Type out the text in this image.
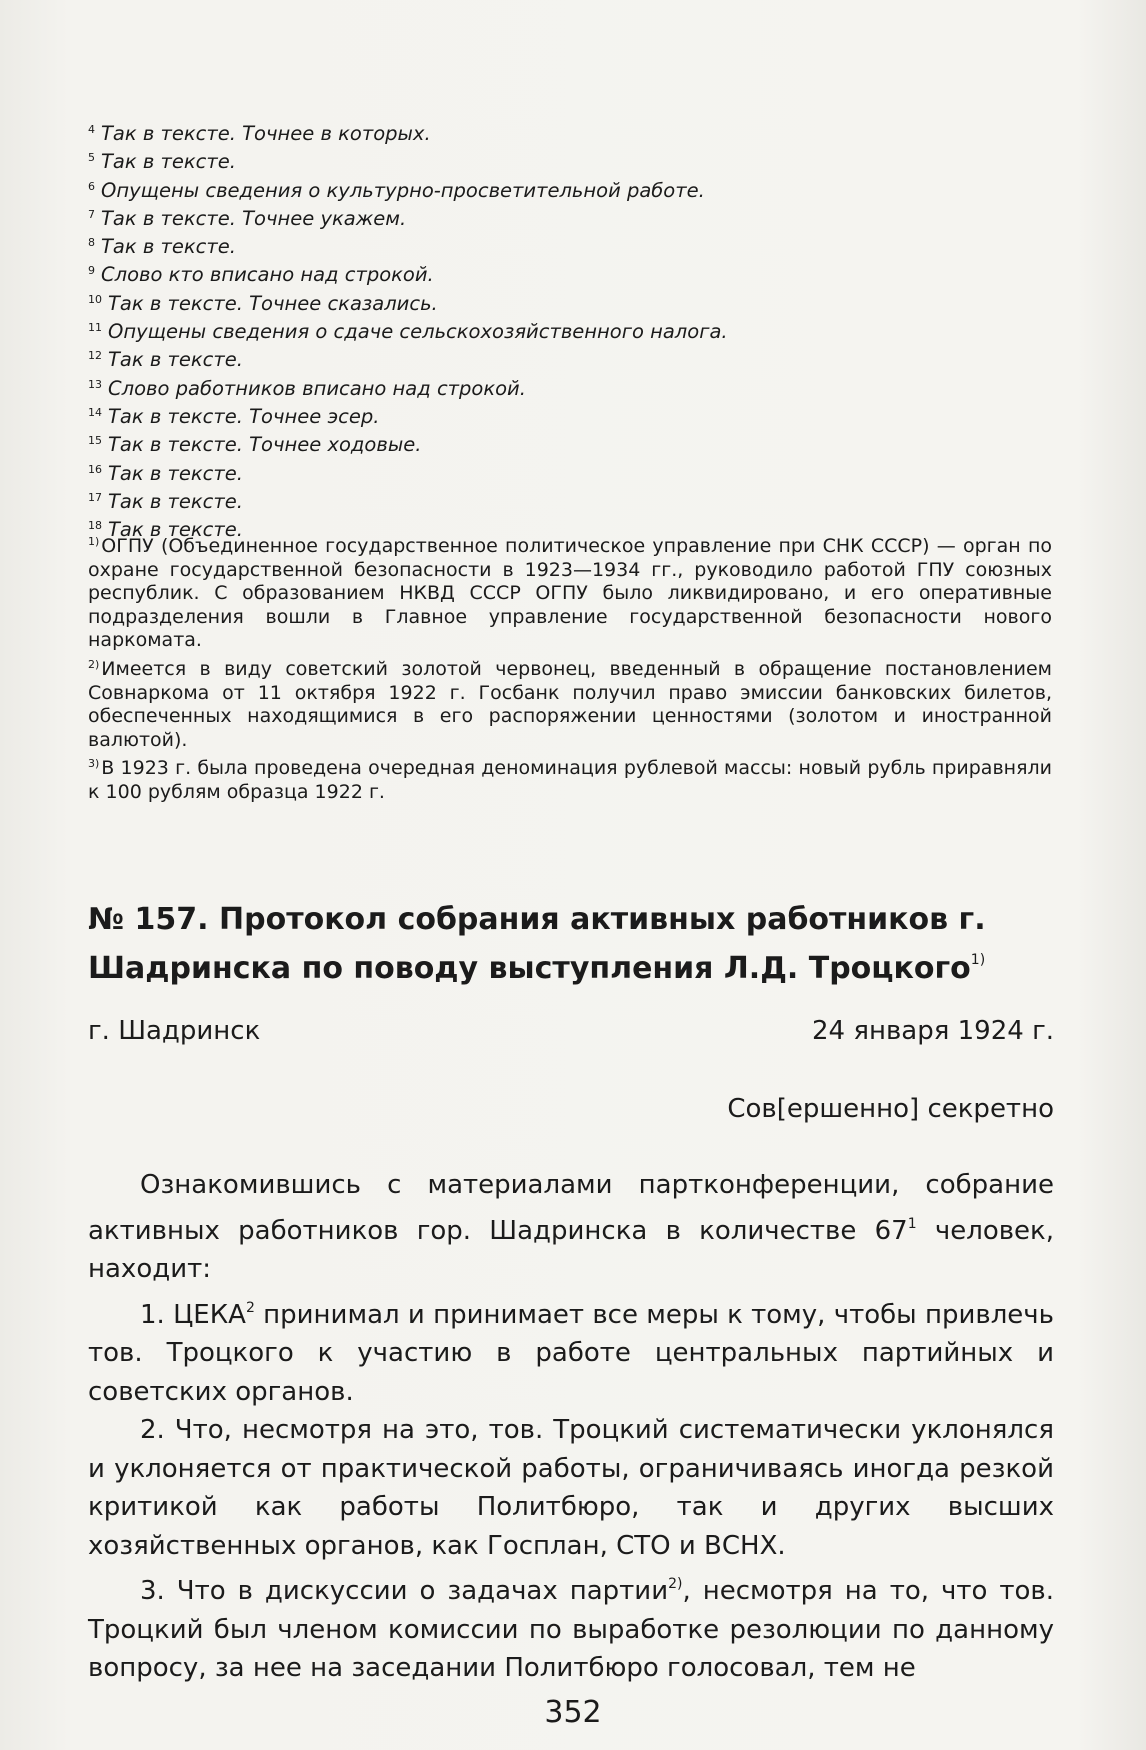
$^4$ Так в тексте. Точнее в которых.
$^5$ Так в тексте.
$^6$ Опущены сведения о культурно-просветительной работе.
$^7$ Так в тексте. Точнее укажем.
$^8$ Так в тексте.
$^9$ Слово кто вписано над строкой.
$^{10}$ Так в тексте. Точнее сказались.
$^{11}$ Опущены сведения о сдаче сельскохозяйственного налога.
$^{12}$ Так в тексте.
$^{13}$ Слово работников вписано над строкой.
$^{14}$ Так в тексте. Точнее эсер.
$^{15}$ Так в тексте. Точнее ходовые.
$^{16}$ Так в тексте.
$^{17}$ Так в тексте.
$^{18}$ Так в тексте.

$^{1)}$ ОГПУ (Объединенное государственное политическое управление при СНК СССР) — орган по охране государственной безопасности в 1923—1934 гг., руководило работой ГПУ союзных республик. С образованием НКВД СССР ОГПУ было ликвидировано, и его оперативные подразделения вошли в Главное управление государственной безопасности нового наркомата.

$^{2)}$ Имеется в виду советский золотой червонец, введенный в обращение постановлением Совнаркома от 11 октября 1922 г. Госбанк получил право эмиссии банковских билетов, обеспеченных находящимися в его распоряжении ценностями (золотом и иностранной валютой).

$^{3)}$ В 1923 г. была проведена очередная деноминация рублевой массы: новый рубль приравняли к 100 рублям образца 1922 г.

№ 157. Протокол собрания активных работников г. Шадринска по поводу выступления Л.Д. Троцкого$^{1)}$
г. Шадринск	24 января 1924 г.
Сов[ершенно] секретно

Ознакомившись с материалами партконференции, собрание активных работников гор. Шадринска в количестве $67^1$ человек, находит:

1. ЦЕКА$^2$ принимал и принимает все меры к тому, чтобы привлечь тов. Троцкого к участию в работе центральных партийных и советских органов.

2. Что, несмотря на это, тов. Троцкий систематически уклонялся и уклоняется от практической работы, ограничиваясь иногда резкой критикой как работы Политбюро, так и других высших хозяйственных органов, как Госплан, СТО и ВСНХ.

3. Что в дискуссии о задачах партии$^{2)}$, несмотря на то, что тов. Троцкий был членом комиссии по выработке резолюции по данному вопросу, за нее на заседании Политбюро голосовал, тем не

352
